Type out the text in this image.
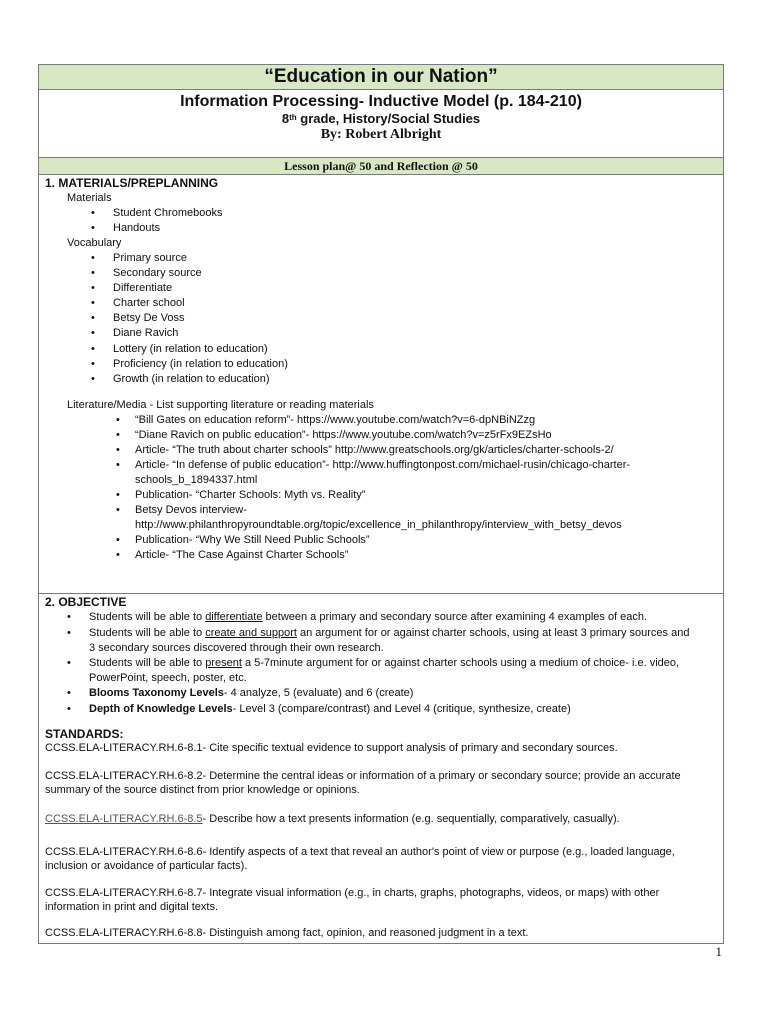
“Education in our Nation”
Information Processing- Inductive Model (p. 184-210)
8th grade, History/Social Studies
By: Robert Albright
Lesson plan@ 50 and Reflection @ 50
1. MATERIALS/PREPLANNING
Materials
•	Student Chromebooks
•	Handouts
Vocabulary
•	Primary source
•	Secondary source
•	Differentiate
•	Charter school
•	Betsy De Voss
•	Diane Ravich
•	Lottery (in relation to education)
•	Proficiency (in relation to education)
•	Growth (in relation to education)
Literature/Media - List supporting literature or reading materials
•	“Bill Gates on education reform”- https://www.youtube.com/watch?v=6-dpNBiNZzg
•	“Diane Ravich on public education”- https://www.youtube.com/watch?v=z5rFx9EZsHo
•	Article- “The truth about charter schools” http://www.greatschools.org/gk/articles/charter-schools-2/
•	Article- “In defense of public education”- http://www.huffingtonpost.com/michael-rusin/chicago-charter-
schools_b_1894337.html
•	Publication- “Charter Schools: Myth vs. Reality”
•	Betsy Devos interview-
http://www.philanthropyroundtable.org/topic/excellence_in_philanthropy/interview_with_betsy_devos
•	Publication- “Why We Still Need Public Schools”
•	Article- “The Case Against Charter Schools”
2. OBJECTIVE
•	Students will be able to differentiate between a primary and secondary source after examining 4 examples of each.
•	Students will be able to create and support an argument for or against charter schools, using at least 3 primary sources and
3 secondary sources discovered through their own research.
•	Students will be able to present a 5-7minute argument for or against charter schools using a medium of choice- i.e. video,
PowerPoint, speech, poster, etc.
•	Blooms Taxonomy Levels- 4 analyze, 5 (evaluate) and 6 (create)
•	Depth of Knowledge Levels- Level 3 (compare/contrast) and Level 4 (critique, synthesize, create)
STANDARDS:
CCSS.ELA-LITERACY.RH.6-8.1- Cite specific textual evidence to support analysis of primary and secondary sources.
CCSS.ELA-LITERACY.RH.6-8.2- Determine the central ideas or information of a primary or secondary source; provide an accurate
summary of the source distinct from prior knowledge or opinions.
CCSS.ELA-LITERACY.RH.6-8.5- Describe how a text presents information (e.g. sequentially, comparatively, casually).
CCSS.ELA-LITERACY.RH.6-8.6- Identify aspects of a text that reveal an author's point of view or purpose (e.g., loaded language,
inclusion or avoidance of particular facts).
CCSS.ELA-LITERACY.RH.6-8.7- Integrate visual information (e.g., in charts, graphs, photographs, videos, or maps) with other
information in print and digital texts.
CCSS.ELA-LITERACY.RH.6-8.8- Distinguish among fact, opinion, and reasoned judgment in a text.
1
